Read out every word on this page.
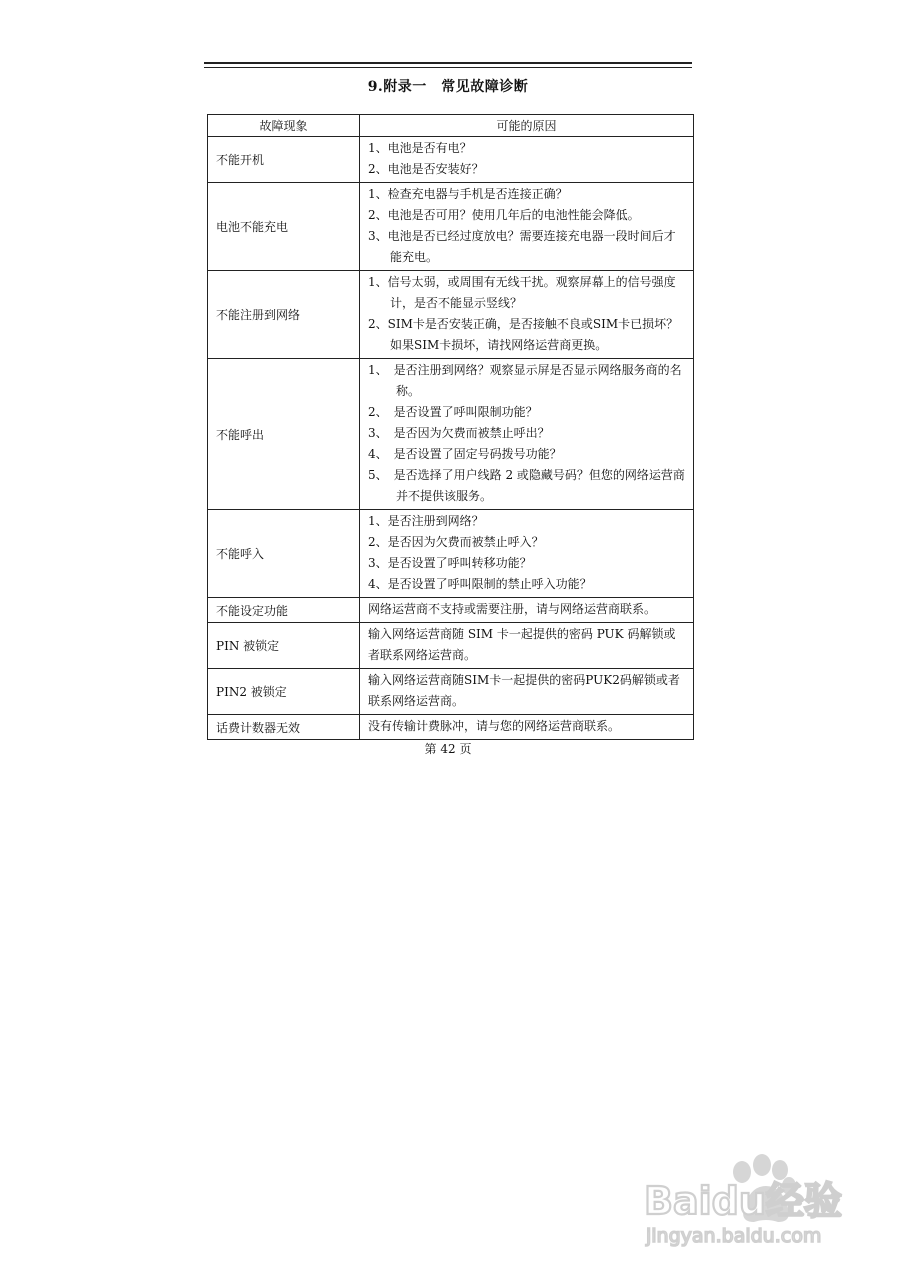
9.附录一　常见故障诊断
故障现象	可能的原因
不能开机	1、电池是否有电？
2、电池是否安装好？

电池不能充电	1、检查充电器与手机是否连接正确？
2、电池是否可用？使用几年后的电池性能会降低。
3、电池是否已经过度放电？需要连接充电器一段时间后才能充电。

不能注册到网络	1、信号太弱，或周围有无线干扰。观察屏幕上的信号强度计，是否不能显示竖线？
2、SIM卡是否安装正确，是否接触不良或SIM卡已损坏？如果SIM卡损坏，请找网络运营商更换。

不能呼出	1、　是否注册到网络？观察显示屏是否显示网络服务商的名称。
2、　是否设置了呼叫限制功能？
3、　是否因为欠费而被禁止呼出？
4、　是否设置了固定号码拨号功能？
5、　是否选择了用户线路 2 或隐藏号码？但您的网络运营商并不提供该服务。

不能呼入	1、是否注册到网络？
2、是否因为欠费而被禁止呼入？
3、是否设置了呼叫转移功能？
4、是否设置了呼叫限制的禁止呼入功能？

不能设定功能	网络运营商不支持或需要注册，请与网络运营商联系。

PIN 被锁定	输入网络运营商随 SIM 卡一起提供的密码 PUK 码解锁或者联系网络运营商。

PIN2 被锁定	输入网络运营商随SIM卡一起提供的密码PUK2码解锁或者联系网络运营商。

话费计数器无效	没有传输计费脉冲，请与您的网络运营商联系。
第 42 页
Baidu经验
jingyan.baidu.com
